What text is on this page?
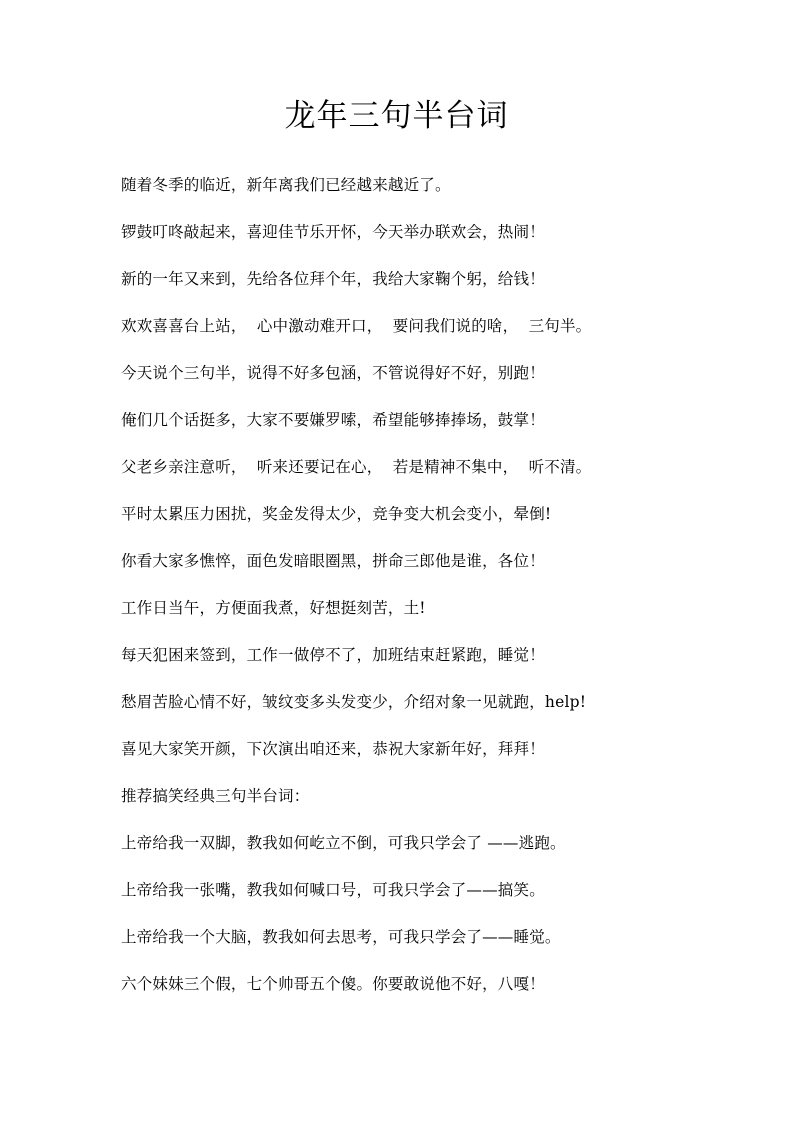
龙年三句半台词
随着冬季的临近，新年离我们已经越来越近了。
锣鼓叮咚敲起来，喜迎佳节乐开怀，今天举办联欢会，热闹！
新的一年又来到，先给各位拜个年，我给大家鞠个躬，给钱！
欢欢喜喜台上站，  心中激动难开口，  要问我们说的啥，  三句半。
今天说个三句半，说得不好多包涵，不管说得好不好，别跑！
俺们几个话挺多，大家不要嫌罗嗦，希望能够捧捧场，鼓掌！
父老乡亲注意听，  听来还要记在心，  若是精神不集中，  听不清。
平时太累压力困扰，奖金发得太少，竞争变大机会变小，晕倒!
你看大家多憔悴，面色发暗眼圈黑，拼命三郎他是谁，各位！
工作日当午，方便面我煮，好想挺刻苦，土!
每天犯困来签到，工作一做停不了，加班结束赶紧跑，睡觉！
愁眉苦脸心情不好，皱纹变多头发变少，介绍对象一见就跑，help!
喜见大家笑开颜，下次演出咱还来，恭祝大家新年好，拜拜！
推荐搞笑经典三句半台词：
上帝给我一双脚，教我如何屹立不倒，可我只学会了 ——逃跑。
上帝给我一张嘴，教我如何喊口号，可我只学会了——搞笑。
上帝给我一个大脑，教我如何去思考，可我只学会了——睡觉。
六个妹妹三个假，七个帅哥五个傻。你要敢说他不好，八嘎！
